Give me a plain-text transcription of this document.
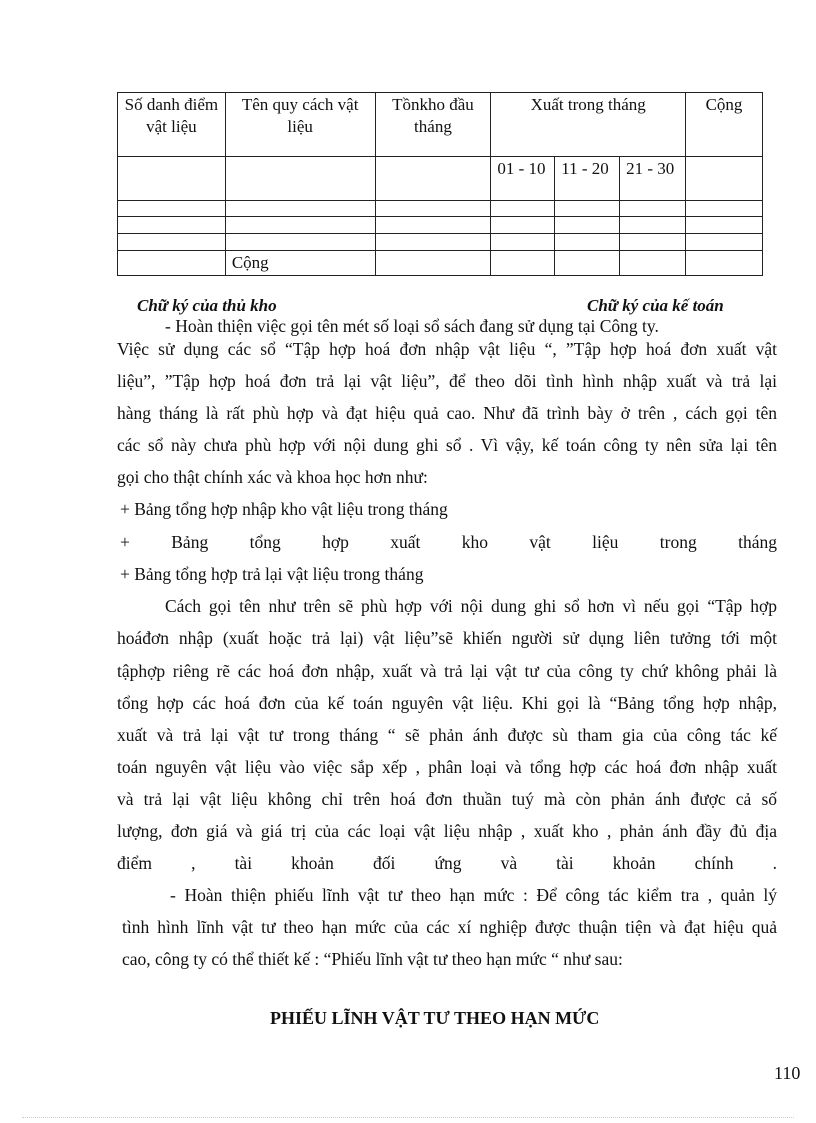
Số danh điểm vật liệu	Tên quy cách vật liệu	Tồnkho đầu tháng	Xuất trong tháng			Cộng
			01 - 10	11 - 20	21 - 30	

	Cộng					
Chữ ký của thủ kho	Chữ ký của kế toán
- Hoàn thiện việc gọi tên mét số loại sổ sách đang sử dụng tại Công ty.
Việc sử dụng các sổ “Tập hợp hoá đơn nhập vật liệu “, ”Tập hợp hoá đơn xuất vật
liệu”, ”Tập hợp hoá đơn trả lại vật liệu”, để theo dõi tình hình nhập xuất và trả lại
hàng tháng là rất phù hợp và đạt hiệu quả cao. Như đã trình bày ở trên , cách gọi tên
các sổ này chưa phù hợp với nội dung ghi sổ . Vì vậy, kế toán công ty nên sửa lại tên
gọi cho thật chính xác và khoa học hơn như:
+ Bảng tổng hợp nhập kho vật liệu trong tháng
+ Bảng tổng hợp xuất kho vật liệu trong tháng
+ Bảng tổng hợp trả lại vật liệu trong tháng
Cách gọi tên như trên sẽ phù hợp với nội dung ghi sổ hơn vì nếu gọi “Tập hợp
hoáđơn nhập (xuất hoặc trả lại) vật liệu”sẽ khiến người sử dụng liên tưởng tới một
tậphợp riêng rẽ các hoá đơn nhập, xuất và trả lại vật tư của công ty chứ không phải là
tổng hợp các hoá đơn của kế toán nguyên vật liệu. Khi gọi là “Bảng tổng hợp nhập,
xuất và trả lại vật tư trong tháng “ sẽ phản ánh được sù tham gia của công tác kế
toán nguyên vật liệu vào việc sắp xếp , phân loại và tổng hợp các hoá đơn nhập xuất
và trả lại vật liệu không chỉ trên hoá đơn thuần tuý mà còn phản ánh được cả số
lượng, đơn giá và giá trị của các loại vật liệu nhập , xuất kho , phản ánh đầy đủ địa
điểm , tài khoản đối ứng và tài khoản chính .
- Hoàn thiện phiếu lĩnh vật tư theo hạn mức : Để công tác kiểm tra , quản lý
tình hình lĩnh vật tư theo hạn mức của các xí nghiệp được thuận tiện và đạt hiệu quả
cao, công ty có thể thiết kế : “Phiếu lĩnh vật tư theo hạn mức “ như sau:
PHIẾU LĨNH VẬT TƯ THEO HẠN MỨC
110
